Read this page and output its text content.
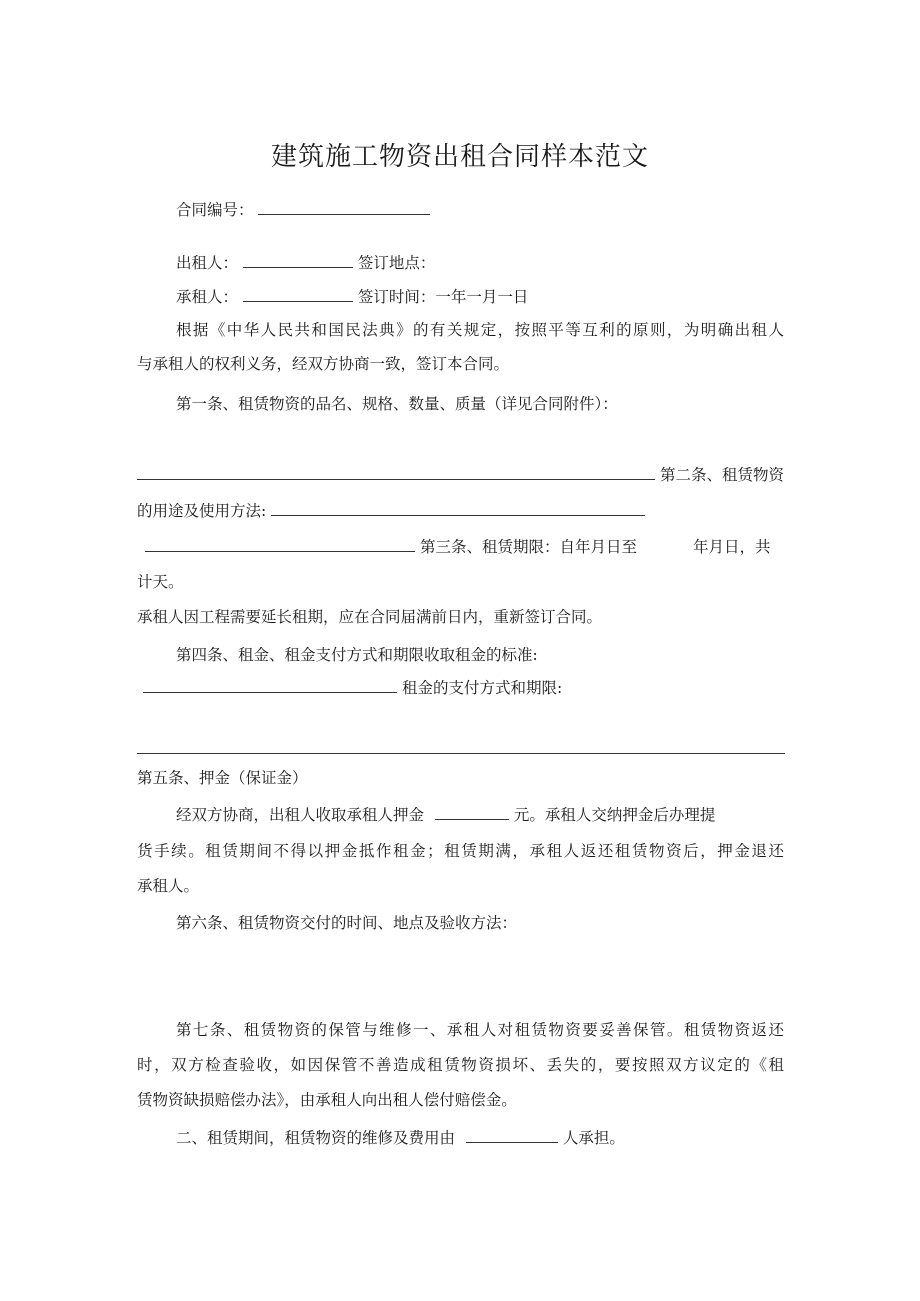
建筑施工物资出租合同样本范文
合同编号：
出租人：	签订地点：
承租人：	签订时间：一年一月一日
根据《中华人民共和国民法典》的有关规定，按照平等互利的原则，为明确出租人
与承租人的权利义务，经双方协商一致，签订本合同。
第一条、租赁物资的品名、规格、数量、质量（详见合同附件）：
第二条、租赁物资
的用途及使用方法:
第三条、租赁期限：自年月日至	年月日，共
计天。
承租人因工程需要延长租期，应在合同届满前日内，重新签订合同。
第四条、租金、租金支付方式和期限收取租金的标准:
租金的支付方式和期限:
第五条、押金（保证金）
经双方协商，出租人收取承租人押金	元。承租人交纳押金后办理提
货手续。租赁期间不得以押金抵作租金；租赁期满，承租人返还租赁物资后，押金退还
承租人。
第六条、租赁物资交付的时间、地点及验收方法：
第七条、租赁物资的保管与维修一、承租人对租赁物资要妥善保管。租赁物资返还
时，双方检查验收，如因保管不善造成租赁物资损坏、丢失的，要按照双方议定的《租
赁物资缺损赔偿办法》，由承租人向出租人偿付赔偿金。
二、租赁期间，租赁物资的维修及费用由	人承担。
